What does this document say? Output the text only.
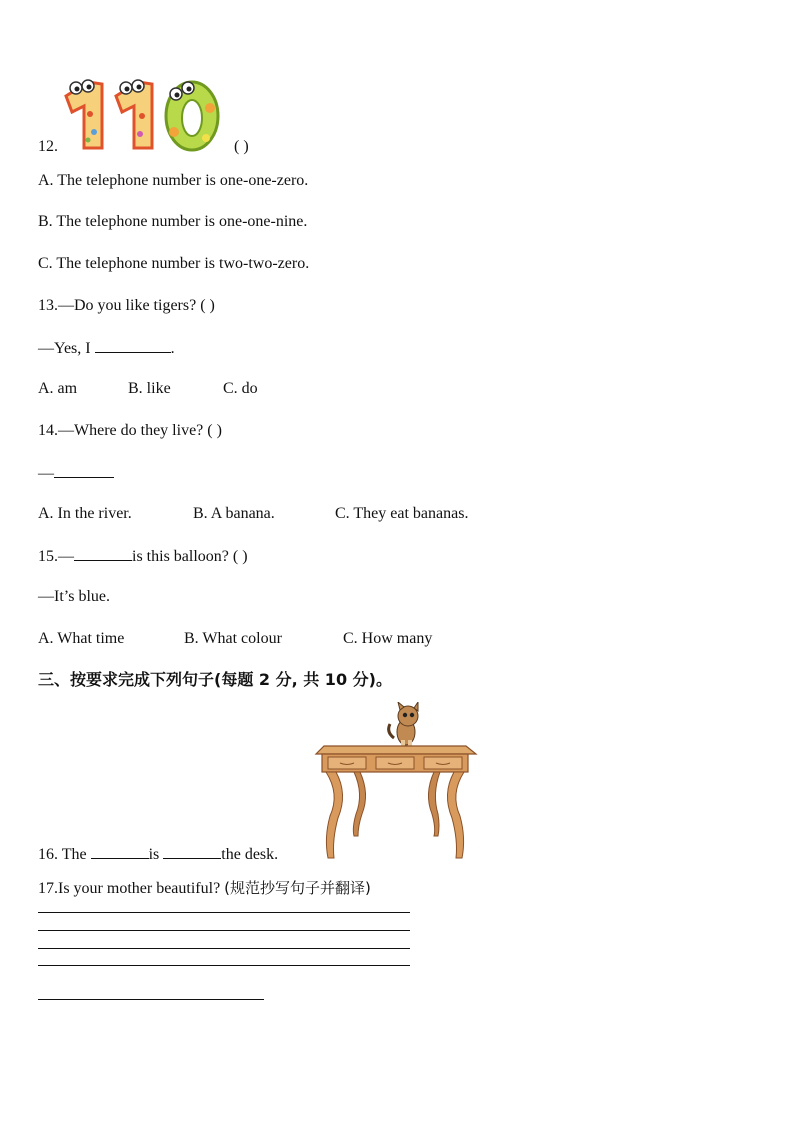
12.	( )
A. The telephone number is one-one-zero.
B. The telephone number is one-one-nine.
C. The telephone number is two-two-zero.
13.—Do you like tigers? ( )
—Yes, I	.
A. am	B. like	C. do
14.—Where do they live? ( )
—
A. In the river.	B. A banana.	C. They eat bananas.
15.—	is this balloon? ( )
—It’s blue.
A. What time	B. What colour	C. How many
三、按要求完成下列句子(每题 2 分, 共 10 分)。
16. The	is	the desk.
17.Is your mother beautiful? (规范抄写句子并翻译)
